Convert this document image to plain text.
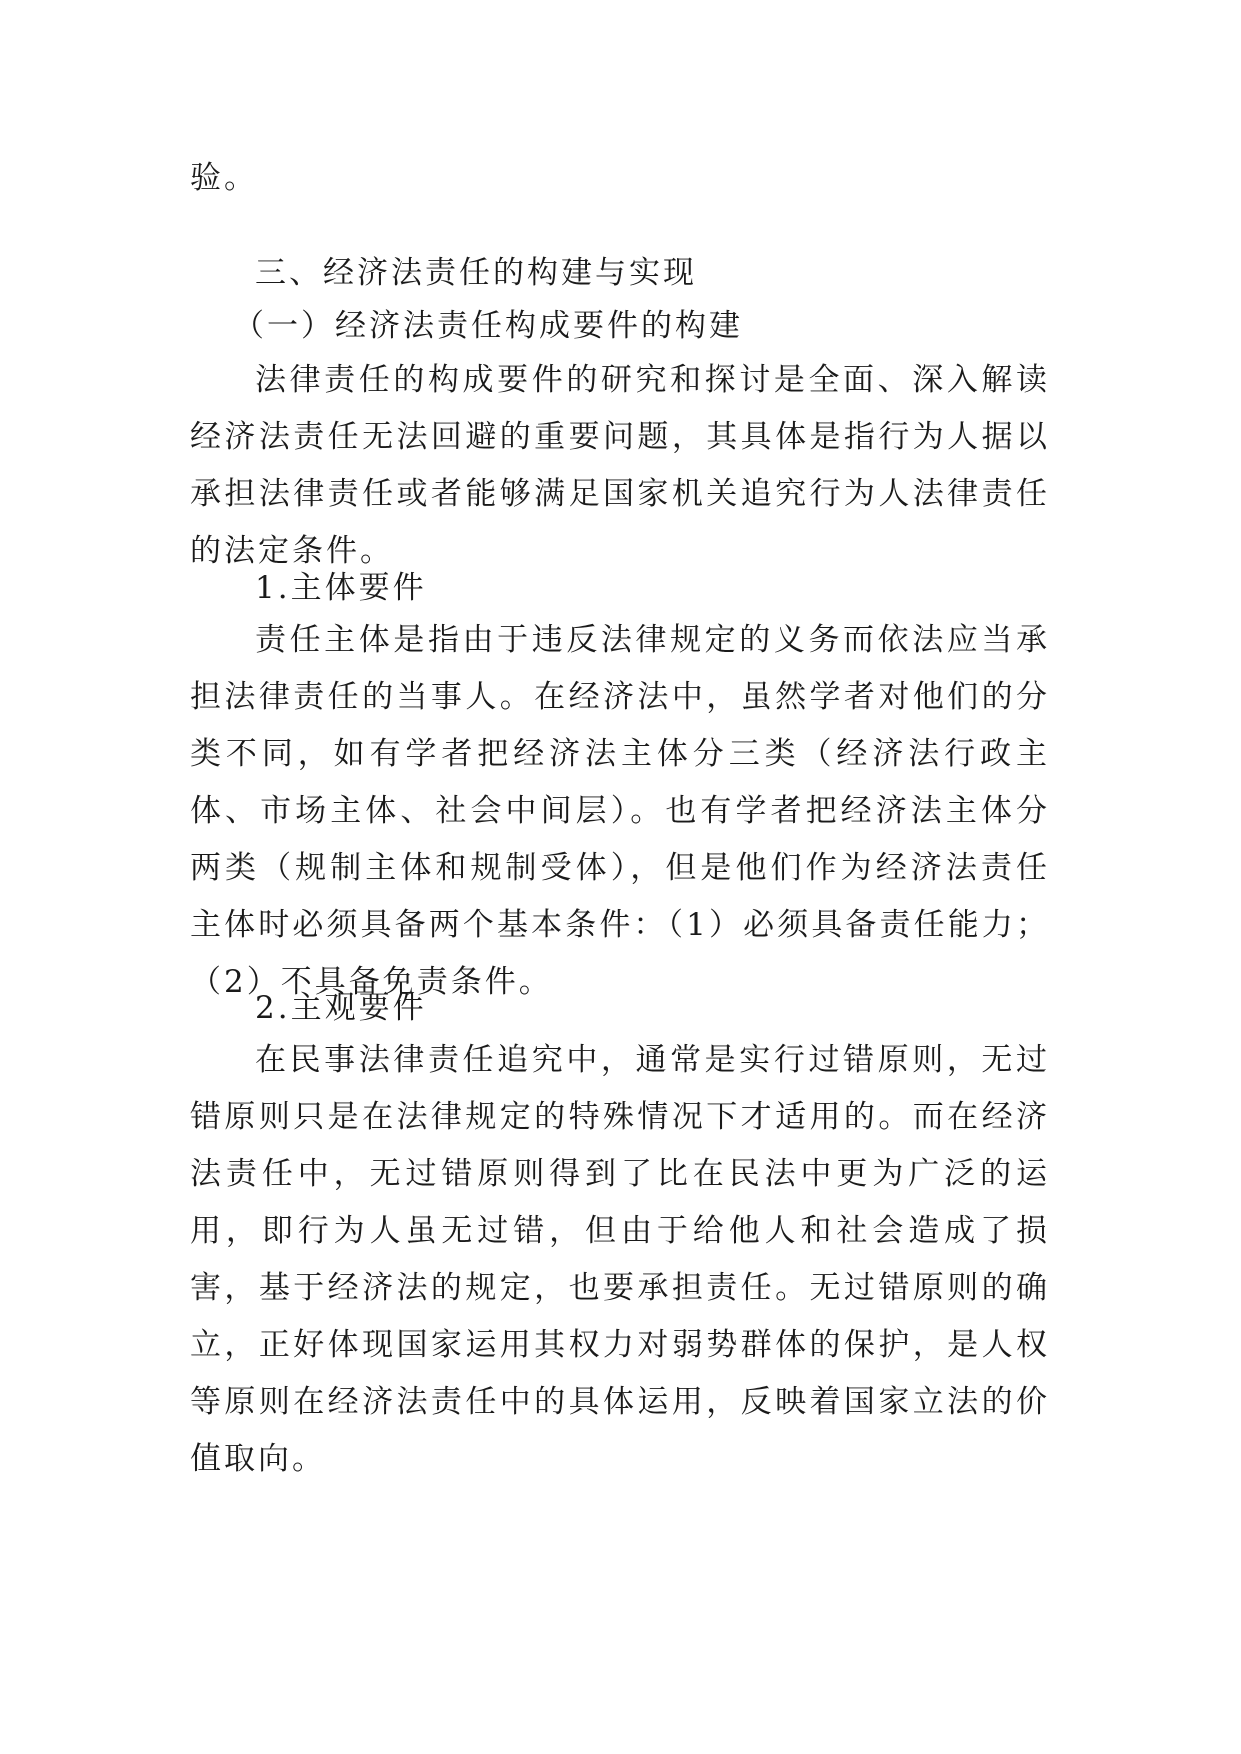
验。

三、经济法责任的构建与实现

（一）经济法责任构成要件的构建

法律责任的构成要件的研究和探讨是全面、深入解读经济法责任无法回避的重要问题，其具体是指行为人据以承担法律责任或者能够满足国家机关追究行为人法律责任的法定条件。

1.主体要件

责任主体是指由于违反法律规定的义务而依法应当承担法律责任的当事人。在经济法中，虽然学者对他们的分类不同，如有学者把经济法主体分三类（经济法行政主体、市场主体、社会中间层）。也有学者把经济法主体分两类（规制主体和规制受体），但是他们作为经济法责任主体时必须具备两个基本条件：（1）必须具备责任能力；（2）不具备免责条件。

2.主观要件

在民事法律责任追究中，通常是实行过错原则，无过错原则只是在法律规定的特殊情况下才适用的。而在经济法责任中，无过错原则得到了比在民法中更为广泛的运用，即行为人虽无过错，但由于给他人和社会造成了损害，基于经济法的规定，也要承担责任。无过错原则的确立，正好体现国家运用其权力对弱势群体的保护，是人权等原则在经济法责任中的具体运用，反映着国家立法的价值取向。
